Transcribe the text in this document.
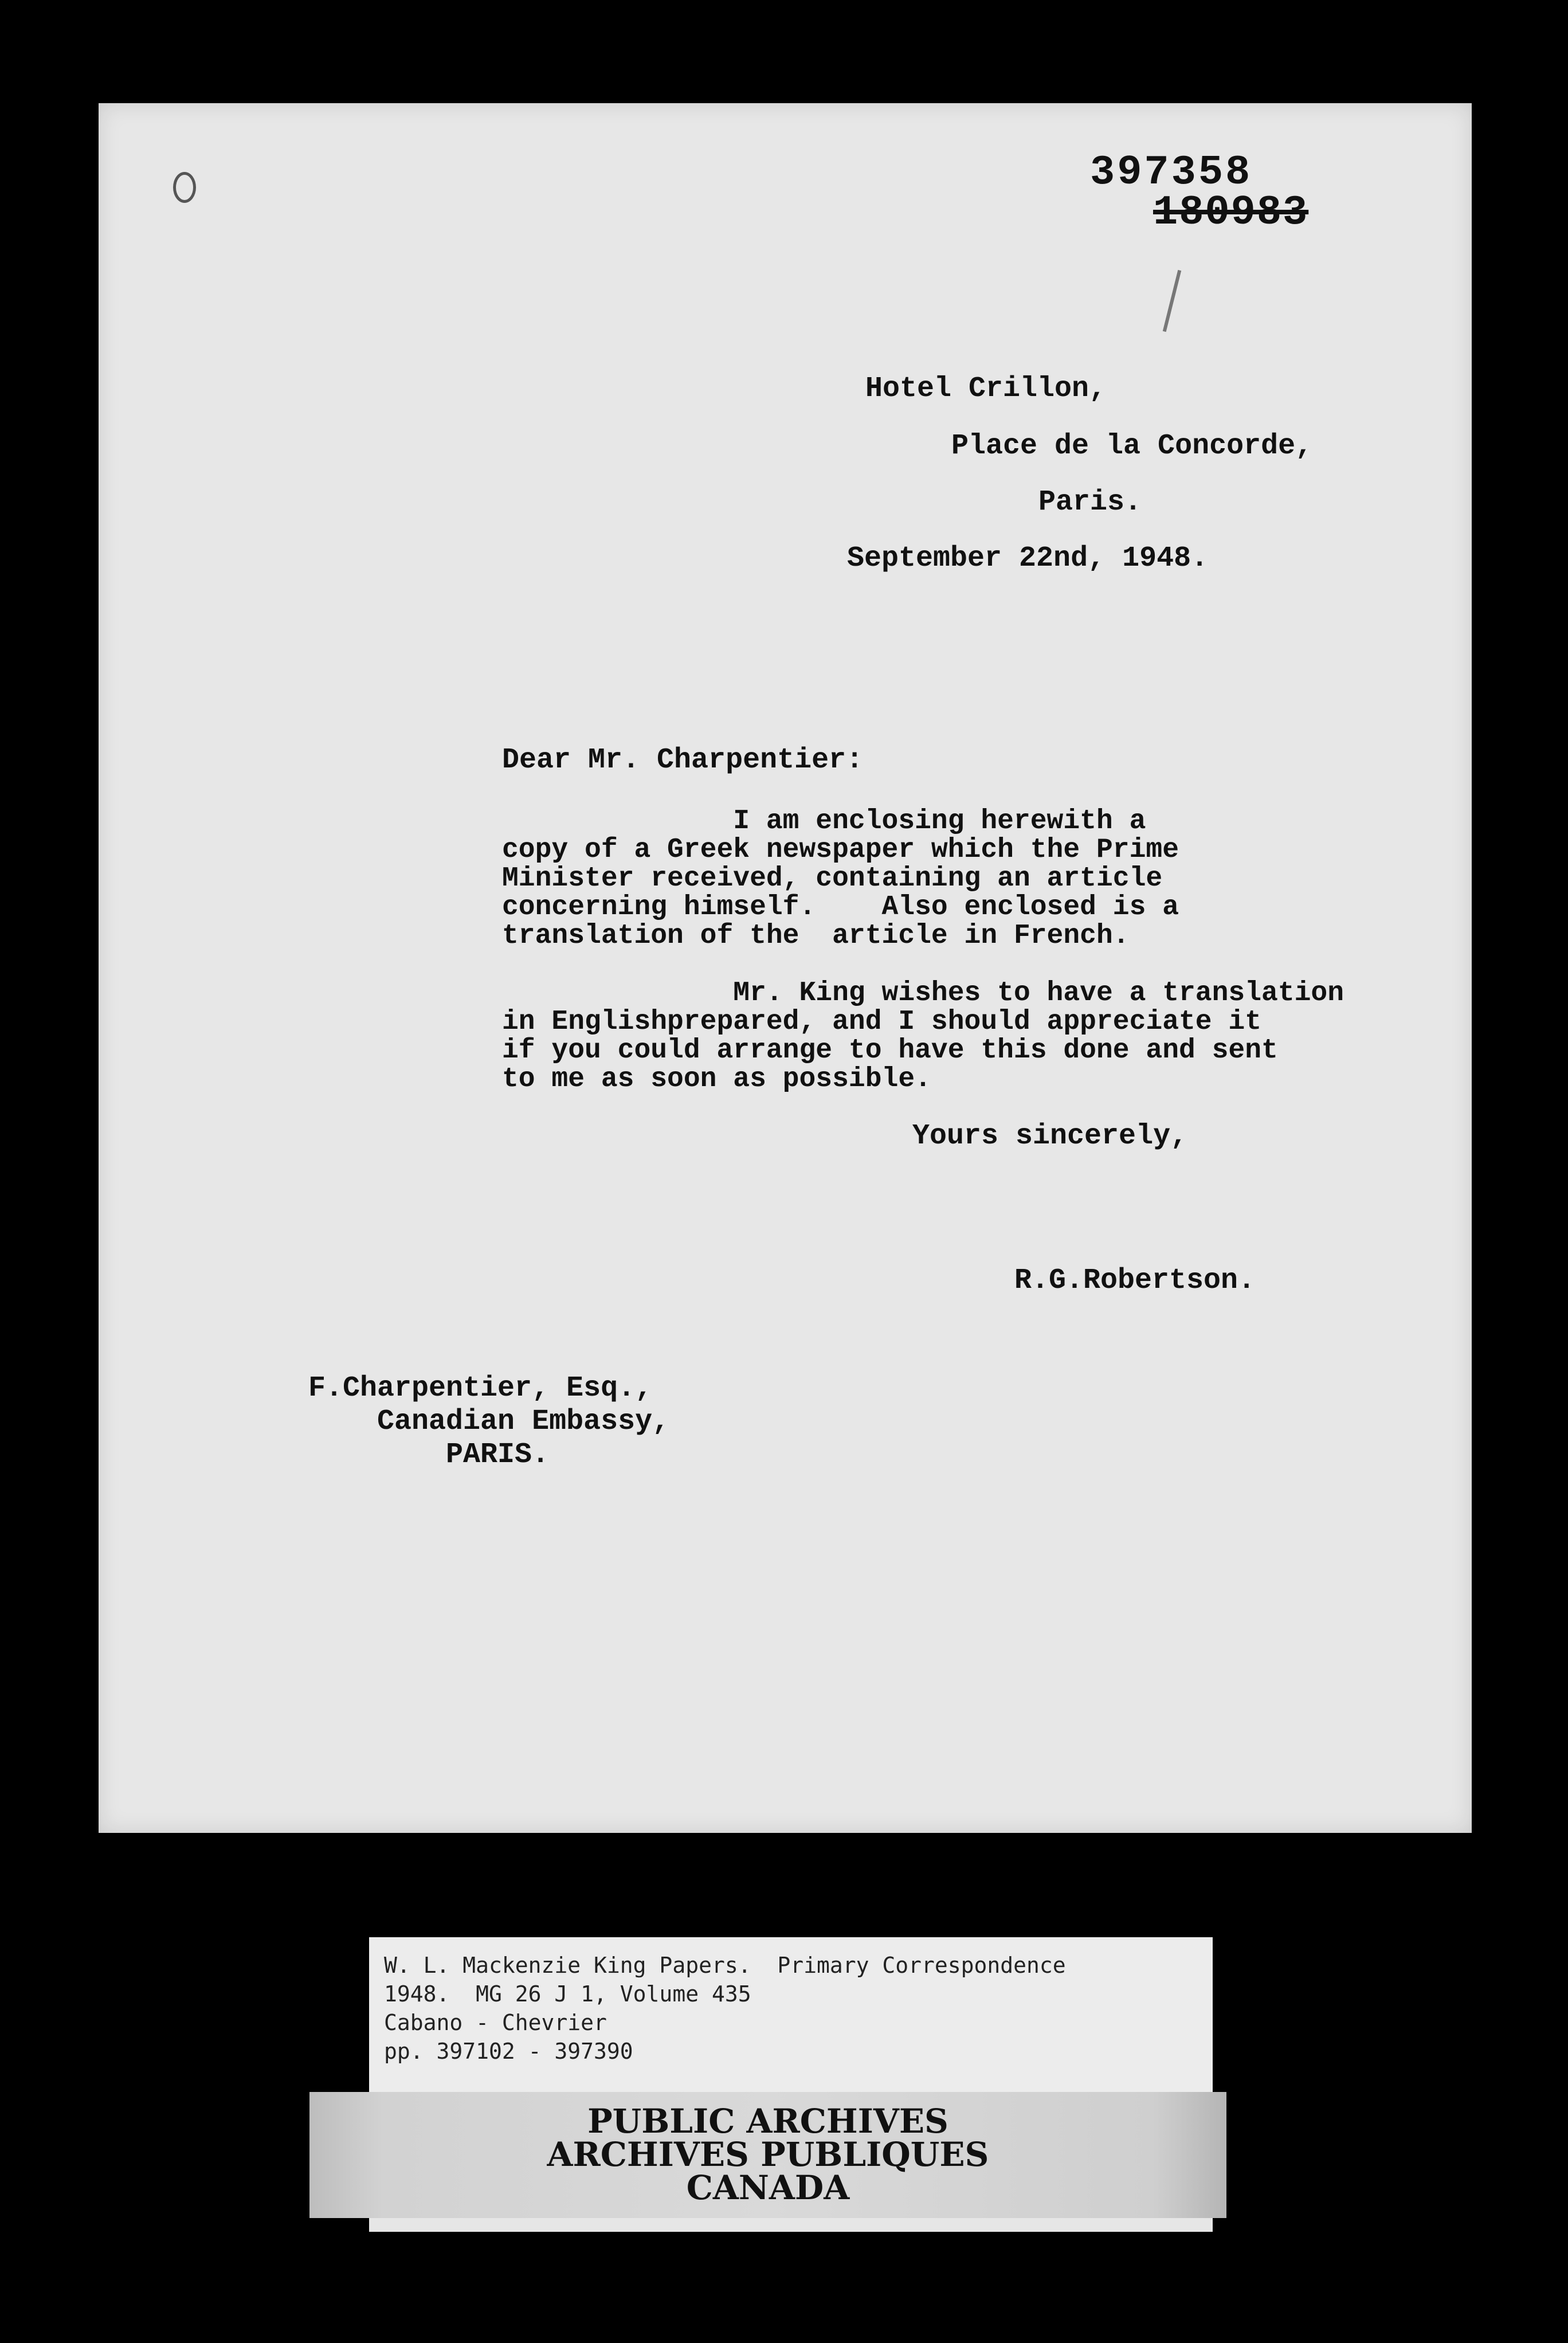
397358
180983
Hotel Crillon,
Place de la Concorde,
Paris.
September 22nd, 1948.
Dear Mr. Charpentier:
I am enclosing herewith a
copy of a Greek newspaper which the Prime
Minister received, containing an article
concerning himself.    Also enclosed is a
translation of the  article in French.
Mr. King wishes to have a translation
in Englishprepared, and I should appreciate it
if you could arrange to have this done and sent
to me as soon as possible.
Yours sincerely,
R.G.Robertson.
F.Charpentier, Esq.,
Canadian Embassy,
PARIS.
W. L. Mackenzie King Papers.  Primary Correspondence
1948.  MG 26 J 1, Volume 435
Cabano - Chevrier
pp. 397102 - 397390
PUBLIC ARCHIVES
ARCHIVES PUBLIQUES
CANADA
